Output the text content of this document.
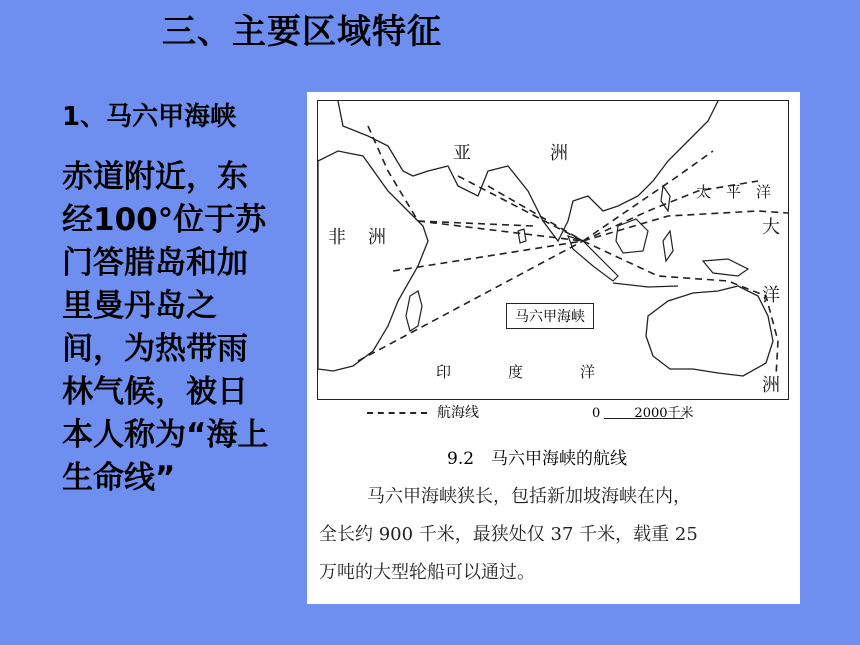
三、主要区域特征
1、马六甲海峡
赤道附近，东经100°位于苏门答腊岛和加里曼丹岛之间，为热带雨林气候，被日本人称为“海上生命线”
亚	洲
非 洲
太 平 洋
大
洋
洲
印	度	洋
马六甲海峡
航海线	0	2000千米
9.2　马六甲海峡的航线
马六甲海峡狭长，包括新加坡海峡在内，
全长约 900 千米，最狭处仅 37 千米，载重 25
万吨的大型轮船可以通过。
